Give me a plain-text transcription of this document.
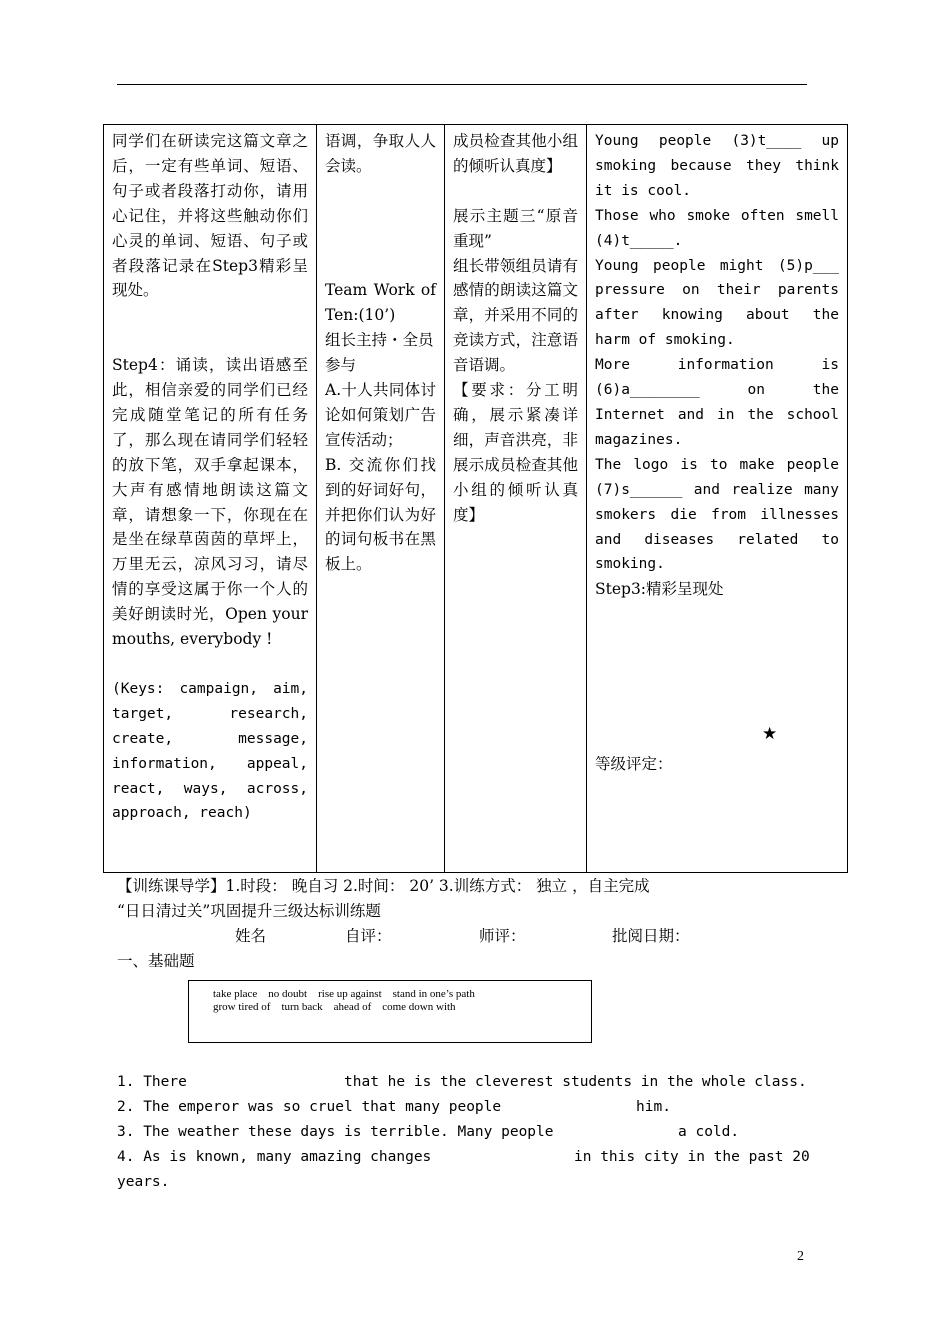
同学们在研读完这篇文章之后，一定有些单词、短语、句子或者段落打动你，请用心记住，并将这些触动你们心灵的单词、短语、句子或者段落记录在Step3精彩呈现处。
Step4：诵读，读出语感至此，相信亲爱的同学们已经完成随堂笔记的所有任务了，那么现在请同学们轻轻的放下笔，双手拿起课本，大声有感情地朗读这篇文章，请想象一下，你现在在是坐在绿草茵茵的草坪上，万里无云，凉风习习，请尽情的享受这属于你一个人的美好朗读时光，Open your mouths, everybody !
(Keys: campaign, aim, target, research, create, message, information, appeal, react, ways, across, approach, reach)

语调，争取人人会读。
Team Work of Ten:(10’)
组长主持・全员参与
A.十人共同体讨论如何策划广告宣传活动；
B. 交流你们找到的好词好句，并把你们认为好的词句板书在黑板上。

成员检查其他小组的倾听认真度】
展示主题三“原音重现”
组长带领组员请有感情的朗读这篇文章，并采用不同的竞读方式，注意语音语调。
【要求：分工明确，展示紧凑详细，声音洪亮，非展示成员检查其他小组的倾听认真度】

Young people (3)t____ up smoking because they think it is cool.
Those who smoke often smell (4)t_____.
Young people might (5)p___ pressure on their parents after knowing about the harm of smoking.
More information is (6)a________ on the Internet and in the school magazines.
The logo is to make people (7)s______ and realize many smokers die from illnesses and diseases related to smoking.
Step3:精彩呈现处
等级评定：
★
【训练课导学】1.时段： 晚自习 2.时间： 20’ 3.训练方式： 独立 ，自主完成
“日日清过关”巩固提升三级达标训练题
姓名	自评：	师评：	批阅日期：
一、基础题
take place no doubt rise up against stand in one’s path
grow tired of turn back ahead of come down with
1. There	that he is the cleverest students in the whole class.
2. The emperor was so cruel that many people	him.
3. The weather these days is terrible. Many people	a cold.
4. As is known, many amazing changes	in this city in the past 20
years.
2
